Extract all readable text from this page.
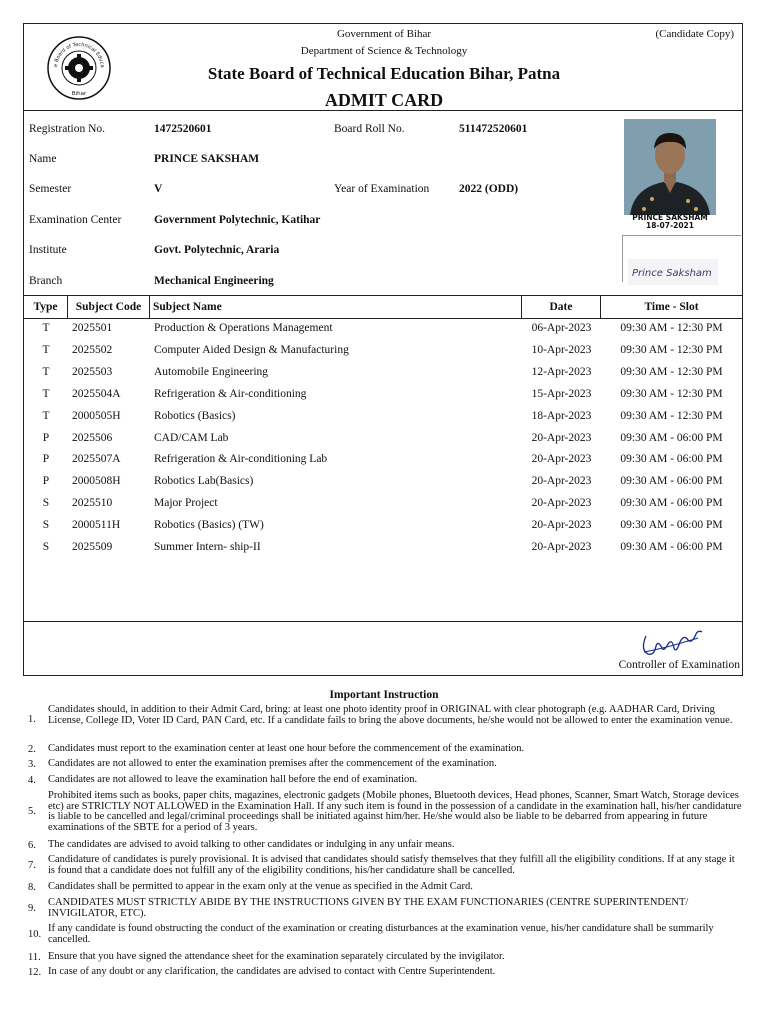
e Board of Technical Educa
Bihar
Government of Bihar
Department of Science & Technology
(Candidate Copy)
State Board of Technical Education Bihar, Patna
ADMIT CARD
Registration No.	1472520601	Board Roll No.	511472520601
Name	PRINCE SAKSHAM
Semester	V	Year of Examination	2022 (ODD)
Examination Center	Government Polytechnic, Katihar
Institute	Govt. Polytechnic, Araria
Branch	Mechanical Engineering
PRINCE SAKSHAM
18-07-2021
Prince Saksham
Type	Subject Code	Subject Name	Date	Time - Slot
T	2025501	Production & Operations Management	06-Apr-2023	09:30 AM - 12:30 PM
T	2025502	Computer Aided Design & Manufacturing	10-Apr-2023	09:30 AM - 12:30 PM
T	2025503	Automobile Engineering	12-Apr-2023	09:30 AM - 12:30 PM
T	2025504A	Refrigeration & Air-conditioning	15-Apr-2023	09:30 AM - 12:30 PM
T	2000505H	Robotics (Basics)	18-Apr-2023	09:30 AM - 12:30 PM
P	2025506	CAD/CAM Lab	20-Apr-2023	09:30 AM - 06:00 PM
P	2025507A	Refrigeration & Air-conditioning Lab	20-Apr-2023	09:30 AM - 06:00 PM
P	2000508H	Robotics Lab(Basics)	20-Apr-2023	09:30 AM - 06:00 PM
S	2025510	Major Project	20-Apr-2023	09:30 AM - 06:00 PM
S	2000511H	Robotics (Basics) (TW)	20-Apr-2023	09:30 AM - 06:00 PM
S	2025509	Summer Intern- ship-II	20-Apr-2023	09:30 AM - 06:00 PM
Controller of Examination
Important Instruction
1.
Candidates should, in addition to their Admit Card, bring: at least one photo identity proof in ORIGINAL with clear photograph (e.g. AADHAR Card, Driving License, College ID, Voter ID Card, PAN Card, etc. If a candidate fails to bring the above documents, he/she would not be allowed to enter the examination venue.
2.	Candidates must report to the examination center at least one hour before the commencement of the examination.
3.	Candidates are not allowed to enter the examination premises after the commencement of the examination.
4.	Candidates are not allowed to leave the examination hall before the end of examination.
5.
Prohibited items such as books, paper chits, magazines, electronic gadgets (Mobile phones, Bluetooth devices, Head phones, Scanner, Smart Watch, Storage devices etc) are STRICTLY NOT ALLOWED in the Examination Hall. If any such item is found in the possession of a candidate in the examination hall, his/her candidature is liable to be cancelled and legal/criminal proceedings shall be initiated against him/her. He/she would also be liable to be debarred from appearing in future examinations of the SBTE for a period of 3 years.
6.	The candidates are advised to avoid talking to other candidates or indulging in any unfair means.
7.	Candidature of candidates is purely provisional. It is advised that candidates should satisfy themselves that they fulfill all the eligibility conditions. If at any stage it is found that a candidate does not fulfill any of the eligibility conditions, his/her candidature shall be cancelled.
8.	Candidates shall be permitted to appear in the exam only at the venue as specified in the Admit Card.
9.	CANDIDATES MUST STRICTLY ABIDE BY THE INSTRUCTIONS GIVEN BY THE EXAM FUNCTIONARIES (CENTRE SUPERINTENDENT/ INVIGILATOR, ETC).
10. If any candidate is found obstructing the conduct of the examination or creating disturbances at the examination venue, his/her candidature shall be summarily cancelled.
11. Ensure that you have signed the attendance sheet for the examination separately circulated by the invigilator.
12. In case of any doubt or any clarification, the candidates are advised to contact with Centre Superintendent.
